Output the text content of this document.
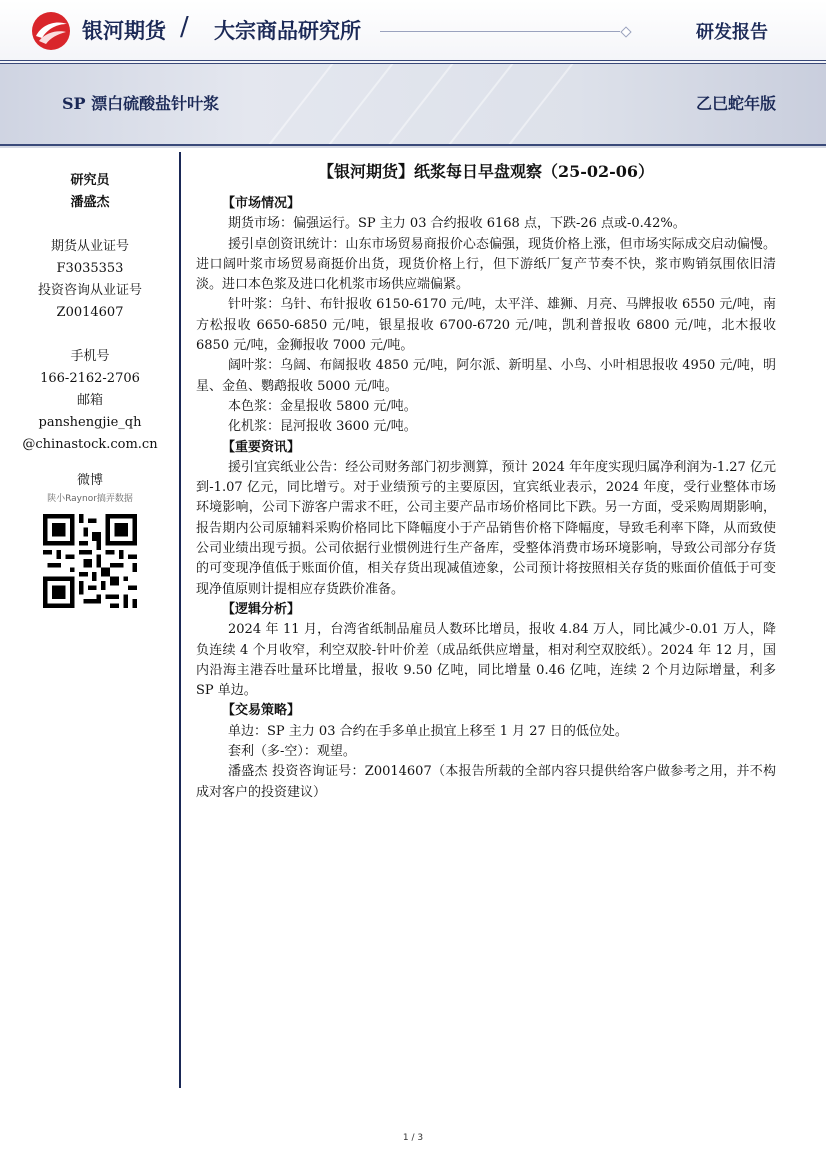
银河期货 / 大宗商品研究所	研发报告
SP 漂白硫酸盐针叶浆	乙巳蛇年版
研究员
潘盛杰
期货从业证号
F3035353
投资咨询从业证号
Z0014607
手机号
166-2162-2706
邮箱
panshengjie_qh
@chinastock.com.cn
微博
陕小Raynor搞弄数据
【银河期货】纸浆每日早盘观察（25-02-06）
【市场情况】

期货市场：偏强运行。SP 主力 03 合约报收 6168 点，下跌-26 点或-0.42%。

援引卓创资讯统计：山东市场贸易商报价心态偏强，现货价格上涨，但市场实际成交启动偏慢。进口阔叶浆市场贸易商挺价出货，现货价格上行，但下游纸厂复产节奏不快，浆市购销氛围依旧清淡。进口本色浆及进口化机浆市场供应端偏紧。

针叶浆：乌针、布针报收 6150-6170 元/吨，太平洋、雄狮、月亮、马牌报收 6550 元/吨，南方松报收 6650-6850 元/吨，银星报收 6700-6720 元/吨，凯利普报收 6800 元/吨，北木报收 6850 元/吨，金狮报收 7000 元/吨。

阔叶浆：乌阔、布阔报收 4850 元/吨，阿尔派、新明星、小鸟、小叶相思报收 4950 元/吨，明星、金鱼、鹦鹉报收 5000 元/吨。

本色浆：金星报收 5800 元/吨。

化机浆：昆河报收 3600 元/吨。

【重要资讯】

援引宜宾纸业公告：经公司财务部门初步测算，预计 2024 年年度实现归属净利润为-1.27 亿元到-1.07 亿元，同比增亏。对于业绩预亏的主要原因，宜宾纸业表示，2024 年度，受行业整体市场环境影响，公司下游客户需求不旺，公司主要产品市场价格同比下跌。另一方面，受采购周期影响，报告期内公司原辅料采购价格同比下降幅度小于产品销售价格下降幅度，导致毛利率下降，从而致使公司业绩出现亏损。公司依据行业惯例进行生产备库，受整体消费市场环境影响，导致公司部分存货的可变现净值低于账面价值，相关存货出现减值迹象，公司预计将按照相关存货的账面价值低于可变现净值原则计提相应存货跌价准备。

【逻辑分析】

2024 年 11 月，台湾省纸制品雇员人数环比增员，报收 4.84 万人，同比减少-0.01 万人，降负连续 4 个月收窄，利空双胶-针叶价差（成品纸供应增量，相对利空双胶纸）。2024 年 12 月，国内沿海主港吞吐量环比增量，报收 9.50 亿吨，同比增量 0.46 亿吨，连续 2 个月边际增量，利多 SP 单边。

【交易策略】

单边：SP 主力 03 合约在手多单止损宜上移至 1 月 27 日的低位处。

套利（多-空）：观望。

潘盛杰 投资咨询证号：Z0014607（本报告所载的全部内容只提供给客户做参考之用，并不构成对客户的投资建议）

1 / 3
